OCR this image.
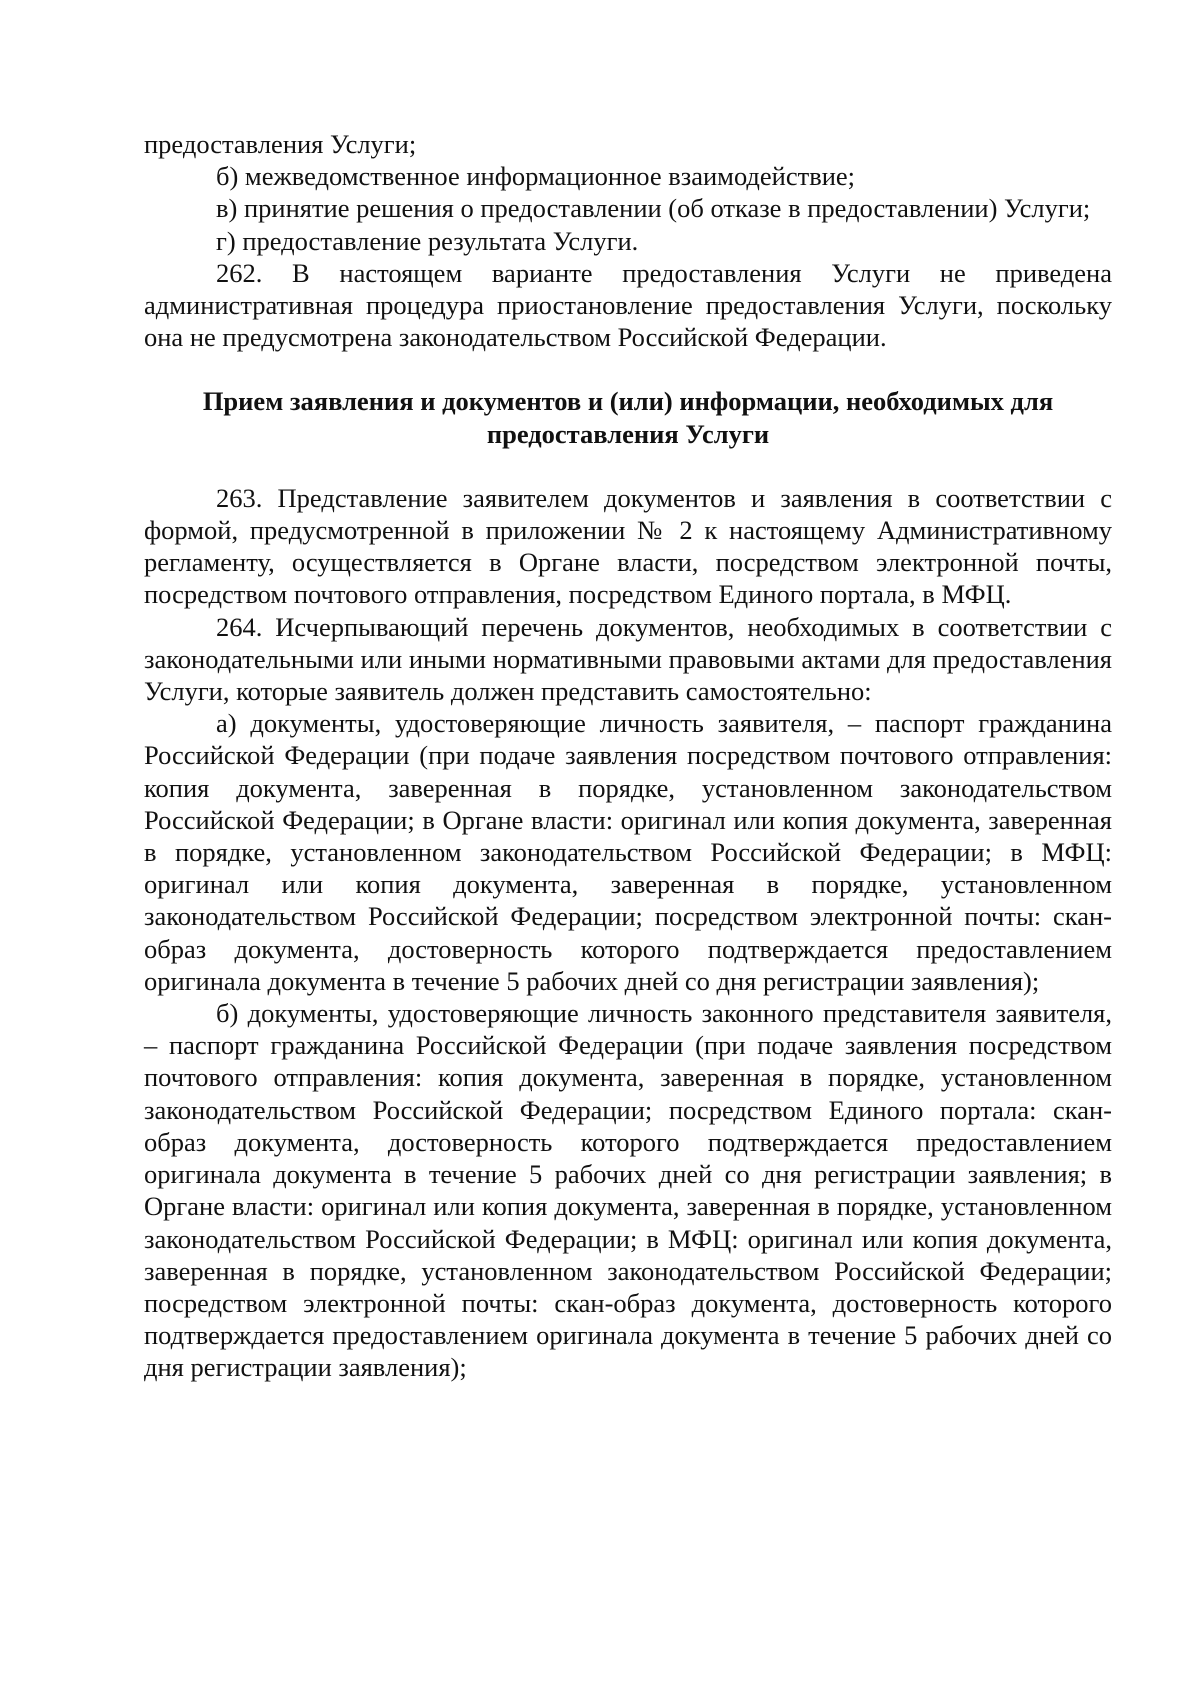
предоставления Услуги;

б) межведомственное информационное взаимодействие;

в) принятие решения о предоставлении (об отказе в предоставлении) Услуги;

г) предоставление результата Услуги.

262. В настоящем варианте предоставления Услуги не приведена административная процедура приостановление предоставления Услуги, поскольку она не предусмотрена законодательством Российской Федерации.

Прием заявления и документов и (или) информации, необходимых для предоставления Услуги

263. Представление заявителем документов и заявления в соответствии с формой, предусмотренной в приложении № 2 к настоящему Административному регламенту, осуществляется в Органе власти, посредством электронной почты, посредством почтового отправления, посредством Единого портала, в МФЦ.

264. Исчерпывающий перечень документов, необходимых в соответствии с законодательными или иными нормативными правовыми актами для предоставления Услуги, которые заявитель должен представить самостоятельно:

а) документы, удостоверяющие личность заявителя, – паспорт гражданина Российской Федерации (при подаче заявления посредством почтового отправления: копия документа, заверенная в порядке, установленном законодательством Российской Федерации; в Органе власти: оригинал или копия документа, заверенная в порядке, установленном законодательством Российской Федерации; в МФЦ: оригинал или копия документа, заверенная в порядке, установленном законодательством Российской Федерации; посредством электронной почты: скан-образ документа, достоверность которого подтверждается предоставлением оригинала документа в течение 5 рабочих дней со дня регистрации заявления);

б) документы, удостоверяющие личность законного представителя заявителя, – паспорт гражданина Российской Федерации (при подаче заявления посредством почтового отправления: копия документа, заверенная в порядке, установленном законодательством Российской Федерации; посредством Единого портала: скан-образ документа, достоверность которого подтверждается предоставлением оригинала документа в течение 5 рабочих дней со дня регистрации заявления; в Органе власти: оригинал или копия документа, заверенная в порядке, установленном законодательством Российской Федерации; в МФЦ: оригинал или копия документа, заверенная в порядке, установленном законодательством Российской Федерации; посредством электронной почты: скан-образ документа, достоверность которого подтверждается предоставлением оригинала документа в течение 5 рабочих дней со дня регистрации заявления);
